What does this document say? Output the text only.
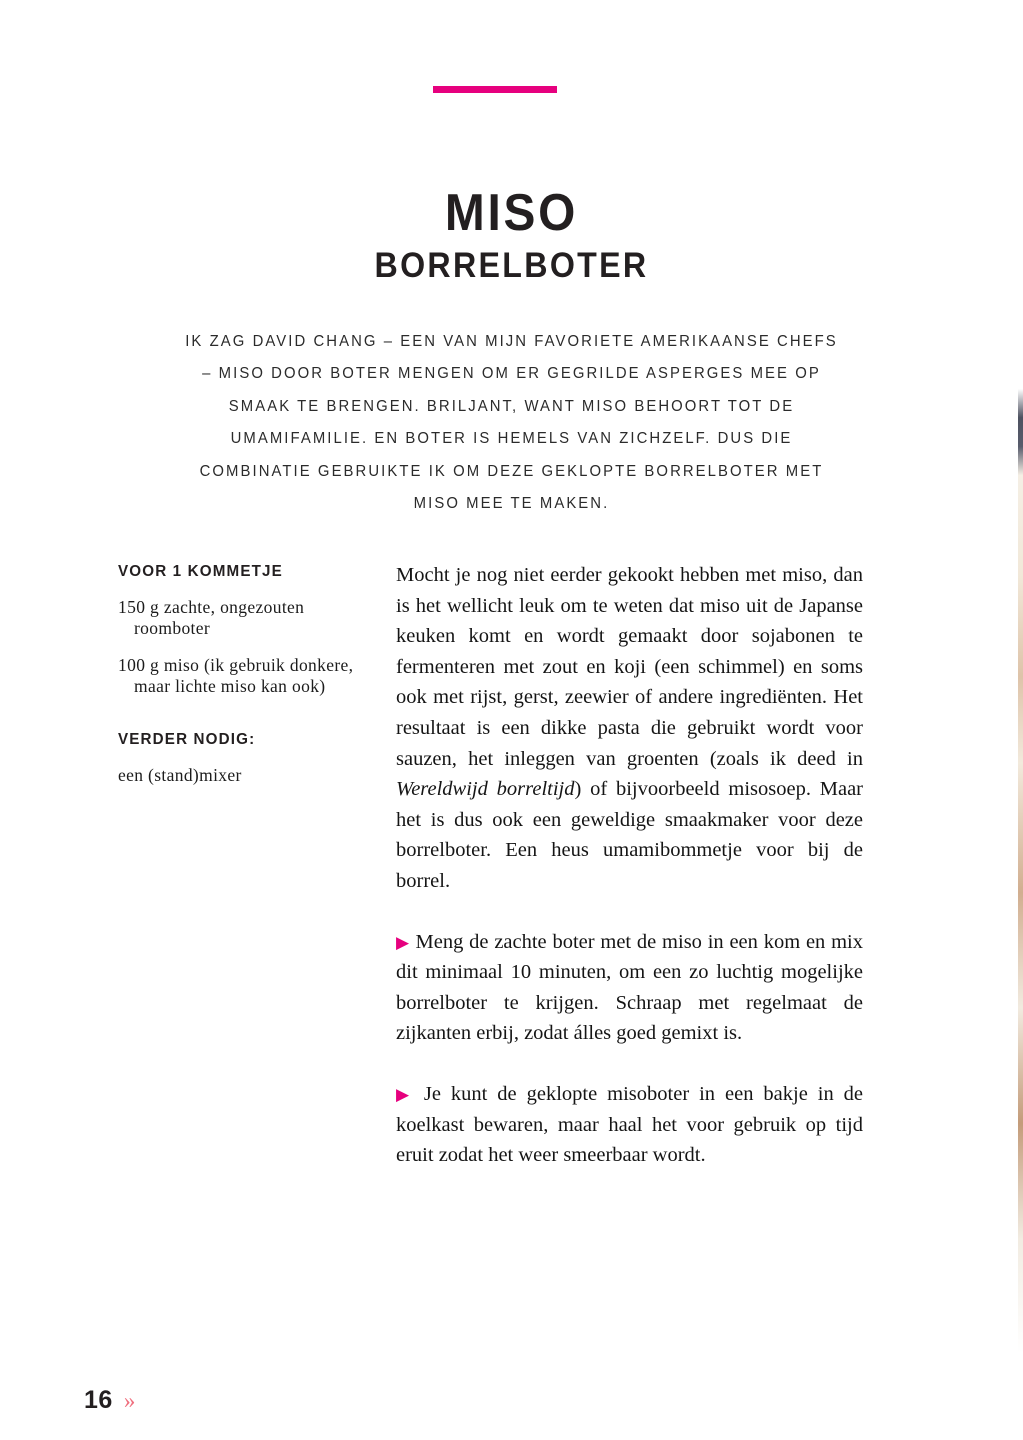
MISO
BORRELBOTER
IK ZAG DAVID CHANG – EEN VAN MIJN FAVORIETE AMERIKAANSE CHEFS – MISO DOOR BOTER MENGEN OM ER GEGRILDE ASPERGES MEE OP SMAAK TE BRENGEN. BRILJANT, WANT MISO BEHOORT TOT DE UMAMIFAMILIE. EN BOTER IS HEMELS VAN ZICHZELF. DUS DIE COMBINATIE GEBRUIKTE IK OM DEZE GEKLOPTE BORRELBOTER MET MISO MEE TE MAKEN.

VOOR 1 KOMMETJE

150 g zachte, ongezouten roomboter

100 g miso (ik gebruik donkere, maar lichte miso kan ook)

VERDER NODIG:

een (stand)mixer

Mocht je nog niet eerder gekookt hebben met miso, dan is het wellicht leuk om te weten dat miso uit de Japanse keuken komt en wordt gemaakt door sojabonen te fermenteren met zout en koji (een schimmel) en soms ook met rijst, gerst, zeewier of andere ingrediënten. Het resultaat is een dikke pasta die gebruikt wordt voor sauzen, het inleggen van groenten (zoals ik deed in Wereldwijd borreltijd) of bijvoorbeeld misosoep. Maar het is dus ook een geweldige smaakmaker voor deze borrelboter. Een heus umamibommetje voor bij de borrel.

▶ Meng de zachte boter met de miso in een kom en mix dit minimaal 10 minuten, om een zo luchtig mogelijke borrelboter te krijgen. Schraap met regelmaat de zijkanten erbij, zodat álles goed gemixt is.

▶ Je kunt de geklopte misoboter in een bakje in de koelkast bewaren, maar haal het voor gebruik op tijd eruit zodat het weer smeerbaar wordt.

16 »
